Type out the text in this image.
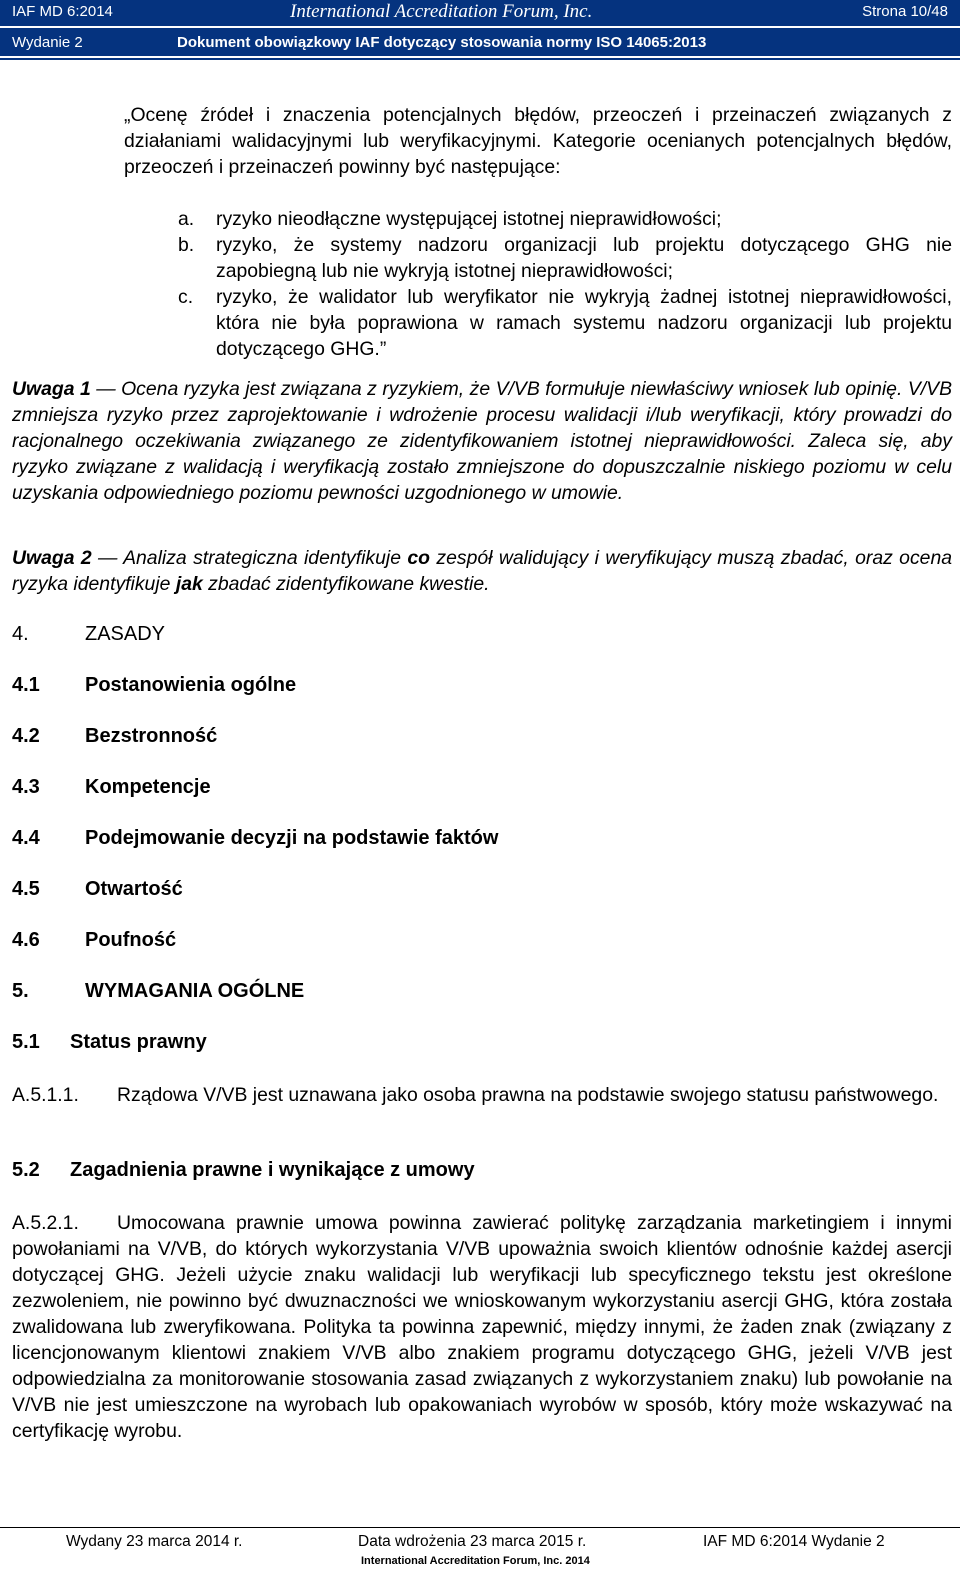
IAF MD 6:2014	International Accreditation Forum, Inc.	Strona 10/48
Wydanie 2	Dokument obowiązkowy IAF dotyczący stosowania normy ISO 14065:2013
„Ocenę źródeł i znaczenia potencjalnych błędów, przeoczeń i przeinaczeń związanych z działaniami walidacyjnymi lub weryfikacyjnymi. Kategorie ocenianych potencjalnych błędów, przeoczeń i przeinaczeń powinny być następujące:
a. ryzyko nieodłączne występującej istotnej nieprawidłowości;
b. ryzyko, że systemy nadzoru organizacji lub projektu dotyczącego GHG nie zapobiegną lub nie wykryją istotnej nieprawidłowości;
c. ryzyko, że walidator lub weryfikator nie wykryją żadnej istotnej nieprawidłowości, która nie była poprawiona w ramach systemu nadzoru organizacji lub projektu dotyczącego GHG.”
Uwaga 1 — Ocena ryzyka jest związana z ryzykiem, że V/VB formułuje niewłaściwy wniosek lub opinię. V/VB zmniejsza ryzyko przez zaprojektowanie i wdrożenie procesu walidacji i/lub weryfikacji, który prowadzi do racjonalnego oczekiwania związanego ze zidentyfikowaniem istotnej nieprawidłowości. Zaleca się, aby ryzyko związane z walidacją i weryfikacją zostało zmniejszone do dopuszczalnie niskiego poziomu w celu uzyskania odpowiedniego poziomu pewności uzgodnionego w umowie.
Uwaga 2 — Analiza strategiczna identyfikuje co zespół walidujący i weryfikujący muszą zbadać, oraz ocena ryzyka identyfikuje jak zbadać zidentyfikowane kwestie.
4.	ZASADY
4.1 Postanowienia ogólne
4.2 Bezstronność
4.3 Kompetencje
4.4 Podejmowanie decyzji na podstawie faktów
4.5 Otwartość
4.6 Poufność
5.	WYMAGANIA OGÓLNE
5.1 Status prawny
A.5.1.1. Rządowa V/VB jest uznawana jako osoba prawna na podstawie swojego statusu państwowego.
5.2 Zagadnienia prawne i wynikające z umowy
A.5.2.1. Umocowana prawnie umowa powinna zawierać politykę zarządzania marketingiem i innymi powołaniami na V/VB, do których wykorzystania V/VB upoważnia swoich klientów odnośnie każdej asercji dotyczącej GHG. Jeżeli użycie znaku walidacji lub weryfikacji lub specyficznego tekstu jest określone zezwoleniem, nie powinno być dwuznaczności we wnioskowanym wykorzystaniu asercji GHG, która została zwalidowana lub zweryfikowana. Polityka ta powinna zapewnić, między innymi, że żaden znak (związany z licencjonowanym klientowi znakiem V/VB albo znakiem programu dotyczącego GHG, jeżeli V/VB jest odpowiedzialna za monitorowanie stosowania zasad związanych z wykorzystaniem znaku) lub powołanie na V/VB nie jest umieszczone na wyrobach lub opakowaniach wyrobów w sposób, który może wskazywać na certyfikację wyrobu.
Wydany 23 marca 2014 r.	Data wdrożenia 23 marca 2015 r.	IAF MD 6:2014 Wydanie 2
International Accreditation Forum, Inc. 2014
